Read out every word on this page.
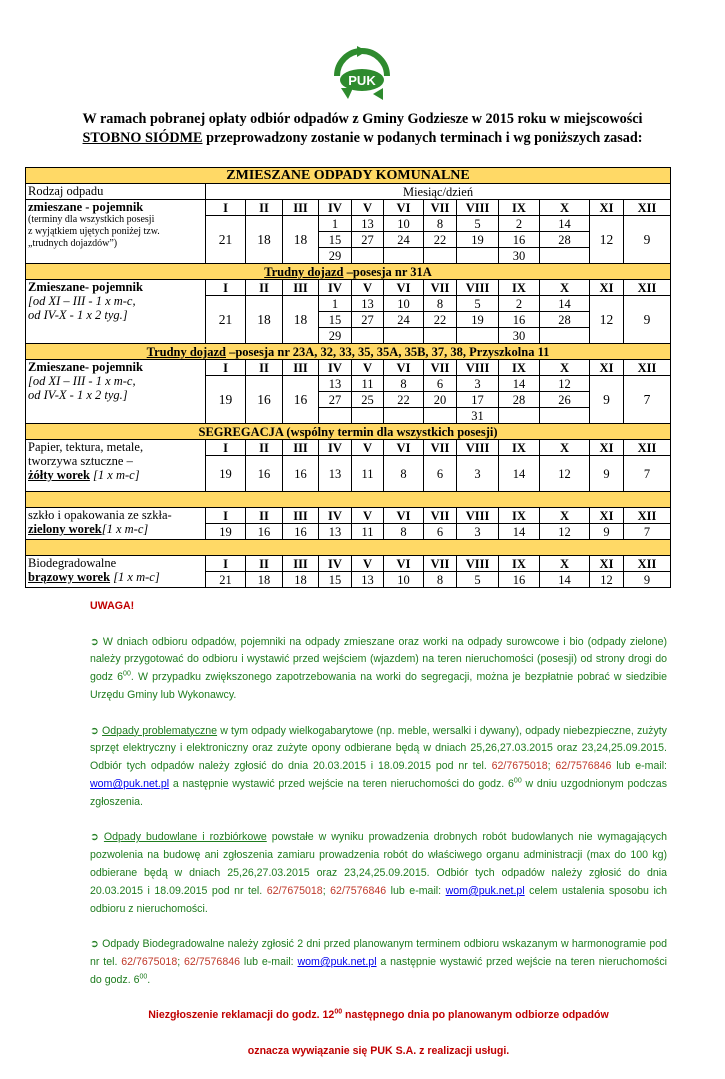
PUK
W ramach pobranej opłaty odbiór odpadów z Gminy Godziesze w 2015 roku w miejscowości
STOBNO SIÓDME przeprowadzony zostanie w podanych terminach i wg poniższych zasad:
ZMIESZANE ODPADY KOMUNALNE												
Rodzaj odpadu	Miesiąc/dzień											

zmieszane - pojemnik
(terminy dla wszystkich posesji
z wyjątkiem ujętych poniżej tzw.
„trudnych dojazdów”)	I	II	III	IV	V	VI	VII	VIII	IX	X	XI	XII
	21	18	18	1	13	10	8	5	2	14	12	9
				15	27	24	22	19	16	28		
				29					30			
Trudny dojazd –posesja nr 31A												

Zmieszane- pojemnik
[od XI – III - 1 x m-c,
od IV-X - 1 x 2 tyg.]	I	II	III	IV	V	VI	VII	VIII	IX	X	XI	XII
	21	18	18	1	13	10	8	5	2	14	12	9
				15	27	24	22	19	16	28		
				29					30			
Trudny dojazd –posesja nr 23A, 32, 33, 35, 35A, 35B, 37, 38, Przyszkolna 11												

Zmieszane- pojemnik
[od XI – III - 1 x m-c,
od IV-X - 1 x 2 tyg.]	I	II	III	IV	V	VI	VII	VIII	IX	X	XI	XII
	19	16	16	13	11	8	6	3	14	12	9	7
				27	25	22	20	17	28	26		
								31				
SEGREGACJA (wspólny termin dla wszystkich posesji)												

Papier, tektura, metale,
tworzywa sztuczne –
żółty worek [1 x m-c]	I	II	III	IV	V	VI	VII	VIII	IX	X	XI	XII
	19	16	16	13	11	8	6	3	14	12	9	7

szkło i opakowania ze szkła-
zielony worek[1 x m-c]	I	II	III	IV	V	VI	VII	VIII	IX	X	XI	XII
	19	16	16	13	11	8	6	3	14	12	9	7

Biodegradowalne
brązowy worek [1 x m-c]	I	II	III	IV	V	VI	VII	VIII	IX	X	XI	XII
	21	18	18	15	13	10	8	5	16	14	12	9

UWAGA!

➲ W dniach odbioru odpadów, pojemniki na odpady zmieszane oraz worki na odpady surowcowe i bio (odpady zielone) należy przygotować do odbioru i wystawić przed wejściem (wjazdem) na teren nieruchomości (posesji) od strony drogi do godz $6^{00}$. W przypadku zwiększonego zapotrzebowania na worki do segregacji, można je bezpłatnie pobrać w siedzibie Urzędu Gminy lub Wykonawcy.

➲ Odpady problematyczne w tym odpady wielkogabarytowe (np. meble, wersalki i dywany), odpady niebezpieczne, zużyty sprzęt elektryczny i elektroniczny oraz zużyte opony odbierane będą w dniach 25,26,27.03.2015 oraz 23,24,25.09.2015. Odbiór tych odpadów należy zgłosić do dnia 20.03.2015 i 18.09.2015 pod nr tel. 62/7675018; 62/7576846 lub e-mail: wom@puk.net.pl a następnie wystawić przed wejście na teren nieruchomości do godz. $6^{00}$ w dniu uzgodnionym podczas zgłoszenia.

➲ Odpady budowlane i rozbiórkowe powstałe w wyniku prowadzenia drobnych robót budowlanych nie wymagających pozwolenia na budowę ani zgłoszenia zamiaru prowadzenia robót do właściwego organu administracji (max do 100 kg) odbierane będą w dniach 25,26,27.03.2015 oraz 23,24,25.09.2015. Odbiór tych odpadów należy zgłosić do dnia 20.03.2015 i 18.09.2015 pod nr tel. 62/7675018; 62/7576846 lub e-mail: wom@puk.net.pl celem ustalenia sposobu ich odbioru z nieruchomości.

➲ Odpady Biodegradowalne należy zgłosić 2 dni przed planowanym terminem odbioru wskazanym w harmonogramie pod nr tel. 62/7675018; 62/7576846 lub e-mail: wom@puk.net.pl a następnie wystawić przed wejście na teren nieruchomości do godz. $6^{00}$.

Niezgłoszenie reklamacji do godz. $12^{00}$ następnego dnia po planowanym odbiorze odpadów

oznacza wywiązanie się PUK S.A. z realizacji usługi.
